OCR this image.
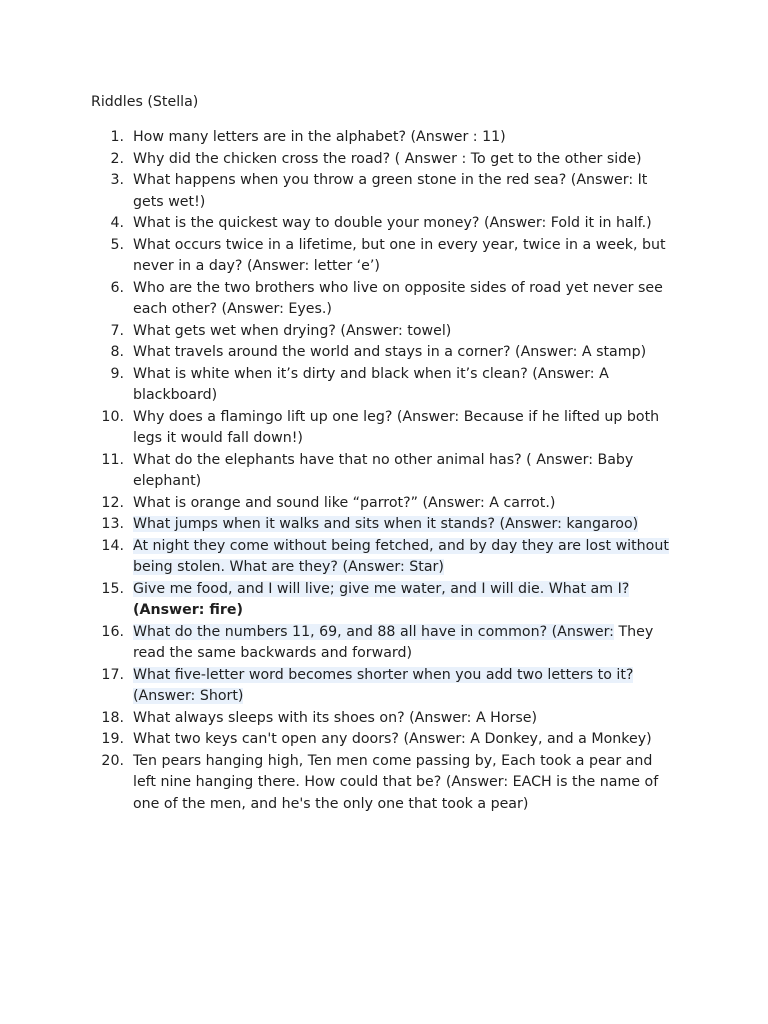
Riddles (Stella)
1 . How many letters are in the alphabet? (Answer : 11)
2 . Why did the chicken cross the road? ( Answer : To get to the other side)
3 . What happens when you throw a green stone in the red sea? (Answer: It gets wet!)
4 . What is the quickest way to double your money? (Answer: Fold it in half.)
5 . What occurs twice in a lifetime, but one in every year, twice in a week, but never in a day? (Answer: letter ‘e’)
6 . Who are the two brothers who live on opposite sides of road yet never see each other? (Answer: Eyes.)
7 . What gets wet when drying? (Answer: towel)
8 . What travels around the world and stays in a corner? (Answer: A stamp)
9 . What is white when it’s dirty and black when it’s clean? (Answer: A blackboard)
10 . Why does a flamingo lift up one leg? (Answer: Because if he lifted up both legs it would fall down!)
11 . What do the elephants have that no other animal has? ( Answer: Baby elephant)
12 . What is orange and sound like “parrot?” (Answer: A carrot.)
13 . What jumps when it walks and sits when it stands? (Answer: kangaroo)
14 . At night they come without being fetched, and by day they are lost without being stolen. What are they? (Answer: Star)
15 . Give me food, and I will live; give me water, and I will die. What am I?
(Answer: fire)
16 . What do the numbers 11, 69, and 88 all have in common? (Answer: They read the same backwards and forward)
17 . What five-letter word becomes shorter when you add two letters to it? (Answer: Short)
18 . What always sleeps with its shoes on? (Answer: A Horse)
19 . What two keys can't open any doors? (Answer: A Donkey, and a Monkey)
20 . Ten pears hanging high, Ten men come passing by, Each took a pear and left nine hanging there. How could that be? (Answer: EACH is the name of one of the men, and he's the only one that took a pear)
